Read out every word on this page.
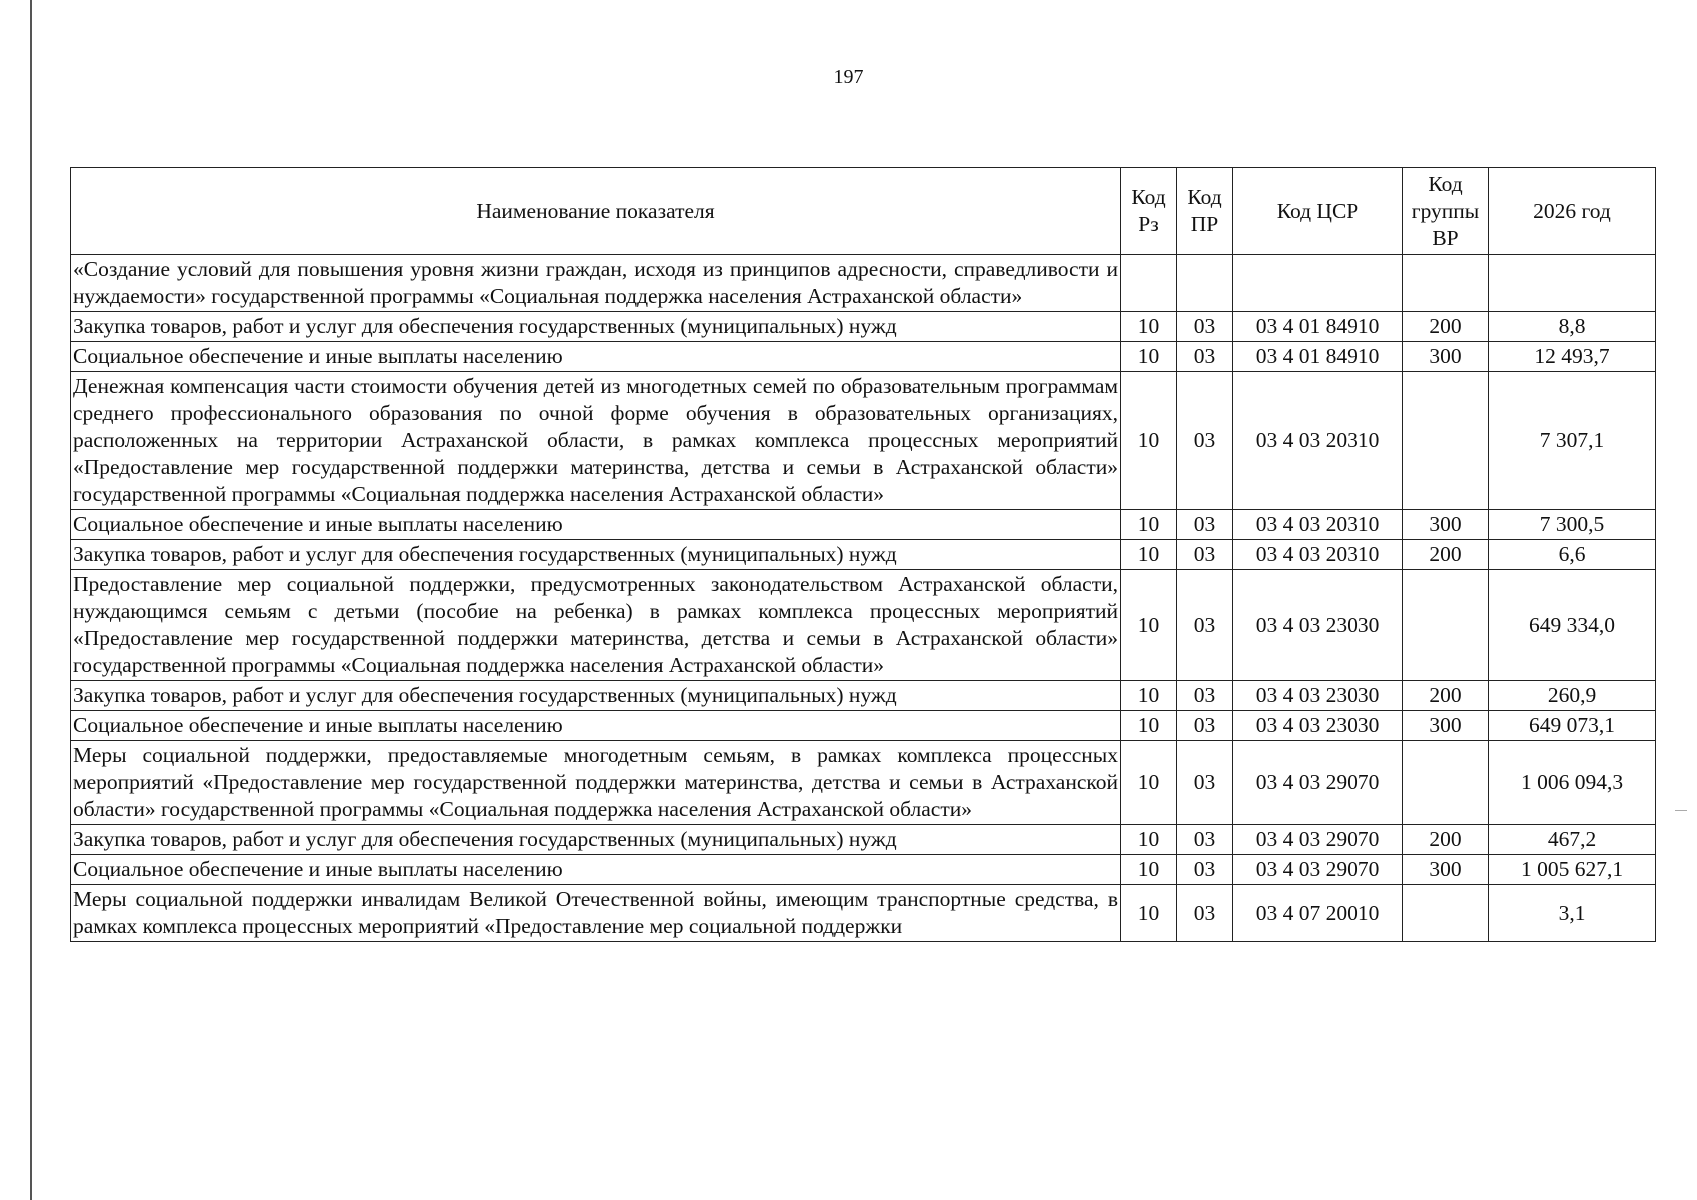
197
Наименование показателя	Код Рз	Код ПР	Код ЦСР	Код группы ВР	2026 год
«Создание условий для повышения уровня жизни граждан, исходя из принципов адресности, справедливости и нуждаемости» государственной программы «Социальная поддержка населения Астраханской области»					
Закупка товаров, работ и услуг для обеспечения государственных (муниципальных) нужд	10	03	03 4 01 84910	200	8,8
Социальное обеспечение и иные выплаты населению	10	03	03 4 01 84910	300	12 493,7
Денежная компенсация части стоимости обучения детей из многодетных семей по образовательным программам среднего профессионального образования по очной форме обучения в образовательных организациях, расположенных на территории Астраханской области, в рамках комплекса процессных мероприятий «Предоставление мер государственной поддержки материнства, детства и семьи в Астраханской области» государственной программы «Социальная поддержка населения Астраханской области»	10	03	03 4 03 20310		7 307,1
Социальное обеспечение и иные выплаты населению	10	03	03 4 03 20310	300	7 300,5
Закупка товаров, работ и услуг для обеспечения государственных (муниципальных) нужд	10	03	03 4 03 20310	200	6,6
Предоставление мер социальной поддержки, предусмотренных законодательством Астраханской области, нуждающимся семьям с детьми (пособие на ребенка) в рамках комплекса процессных мероприятий «Предоставление мер государственной поддержки материнства, детства и семьи в Астраханской области» государственной программы «Социальная поддержка населения Астраханской области»	10	03	03 4 03 23030		649 334,0
Закупка товаров, работ и услуг для обеспечения государственных (муниципальных) нужд	10	03	03 4 03 23030	200	260,9
Социальное обеспечение и иные выплаты населению	10	03	03 4 03 23030	300	649 073,1
Меры социальной поддержки, предоставляемые многодетным семьям, в рамках комплекса процессных мероприятий «Предоставление мер государственной поддержки материнства, детства и семьи в Астраханской области» государственной программы «Социальная поддержка населения Астраханской области»	10	03	03 4 03 29070		1 006 094,3
Закупка товаров, работ и услуг для обеспечения государственных (муниципальных) нужд	10	03	03 4 03 29070	200	467,2
Социальное обеспечение и иные выплаты населению	10	03	03 4 03 29070	300	1 005 627,1
Меры социальной поддержки инвалидам Великой Отечественной войны, имеющим транспортные средства, в рамках комплекса процессных мероприятий «Предоставление мер социальной поддержки	10	03	03 4 07 20010		3,1
